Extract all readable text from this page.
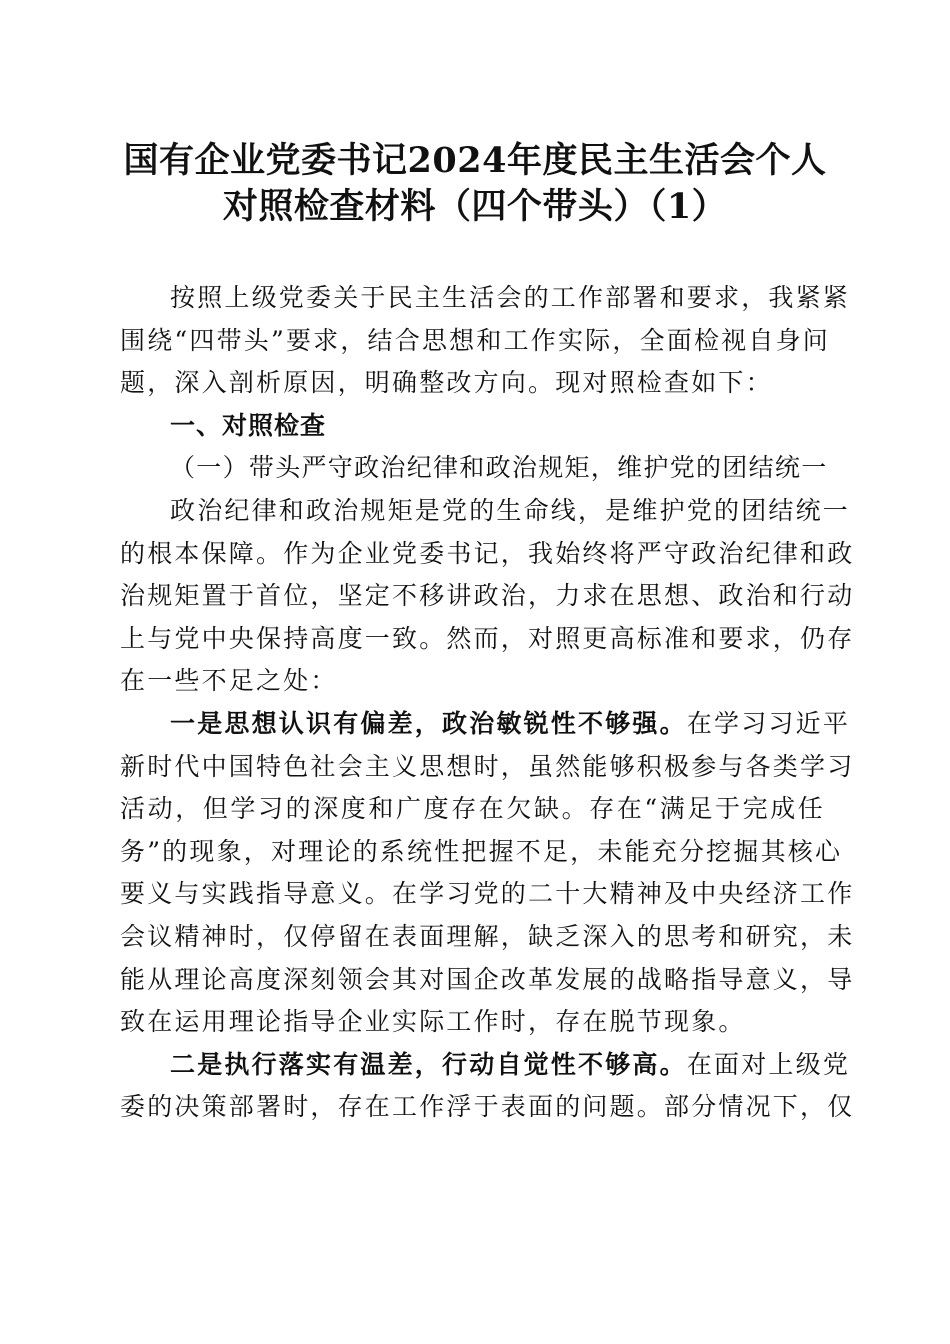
国有企业党委书记2024年度民主生活会个人
对照检查材料（四个带头）（1）
按照上级党委关于民主生活会的工作部署和要求，我紧紧
围绕“四带头”要求，结合思想和工作实际，全面检视自身问
题，深入剖析原因，明确整改方向。现对照检查如下：
一、对照检查
（一）带头严守政治纪律和政治规矩，维护党的团结统一
政治纪律和政治规矩是党的生命线，是维护党的团结统一
的根本保障。作为企业党委书记，我始终将严守政治纪律和政
治规矩置于首位，坚定不移讲政治，力求在思想、政治和行动
上与党中央保持高度一致。然而，对照更高标准和要求，仍存
在一些不足之处：
一是思想认识有偏差，政治敏锐性不够强。在学习习近平
新时代中国特色社会主义思想时，虽然能够积极参与各类学习
活动，但学习的深度和广度存在欠缺。存在“满足于完成任
务”的现象，对理论的系统性把握不足，未能充分挖掘其核心
要义与实践指导意义。在学习党的二十大精神及中央经济工作
会议精神时，仅停留在表面理解，缺乏深入的思考和研究，未
能从理论高度深刻领会其对国企改革发展的战略指导意义，导
致在运用理论指导企业实际工作时，存在脱节现象。
二是执行落实有温差，行动自觉性不够高。在面对上级党
委的决策部署时，存在工作浮于表面的问题。部分情况下，仅
